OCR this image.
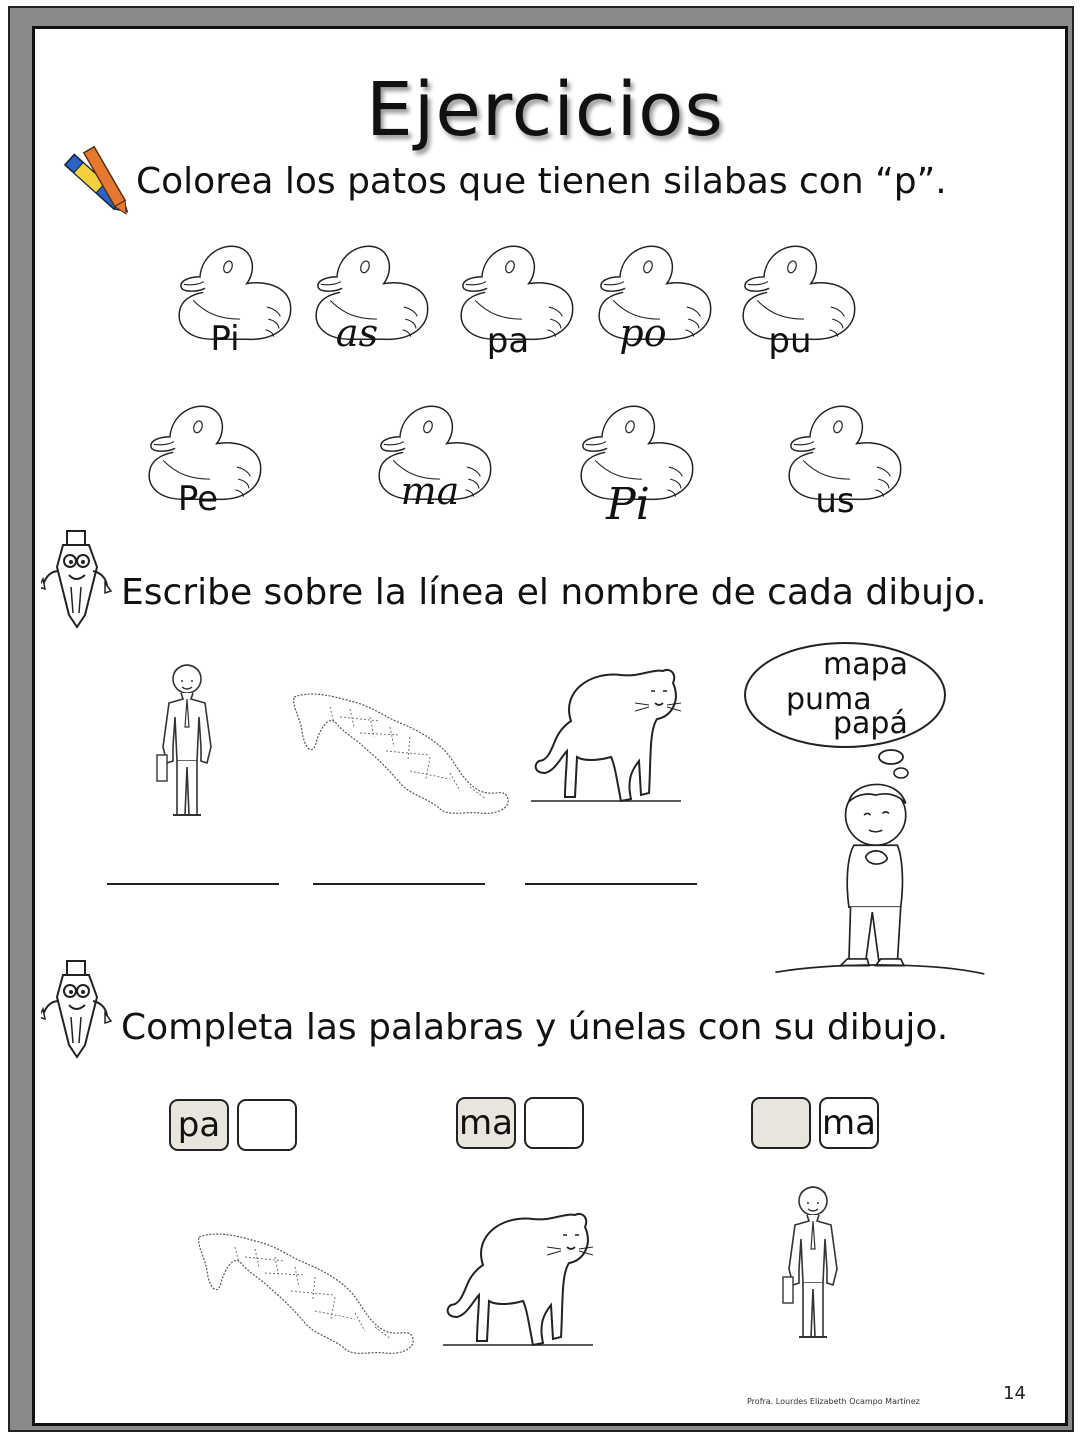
Ejercicios
Colorea los patos que tienen silabas con “p”.
Pi	as	pa	po	pu
Pe	ma	Pi	us
Escribe sobre la línea el nombre de cada dibujo.
mapa
puma
papá
Completa las palabras y únelas con su dibujo.
pa	ma	ma
Profra. Lourdes Elizabeth Ocampo Martínez	14
